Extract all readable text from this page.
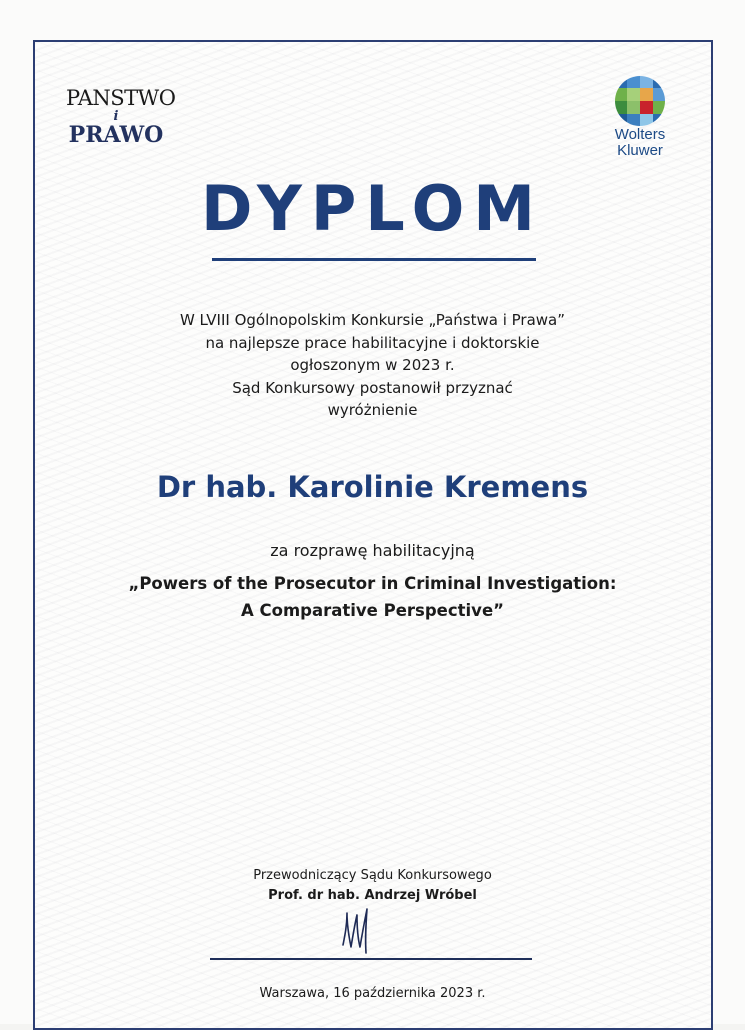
PANSTWO
i
PRAWO	Wolters
Kluwer
DYPLOM
W LVIII Ogólnopolskim Konkursie „Państwa i Prawa”
na najlepsze prace habilitacyjne i doktorskie
ogłoszonym w 2023 r.
Sąd Konkursowy postanowił przyznać
wyróżnienie
Dr hab. Karolinie Kremens
za rozprawę habilitacyjną
„Powers of the Prosecutor in Criminal Investigation:
A Comparative Perspective”
Przewodniczący Sądu Konkursowego
Prof. dr hab. Andrzej Wróbel
Warszawa, 16 października 2023 r.
